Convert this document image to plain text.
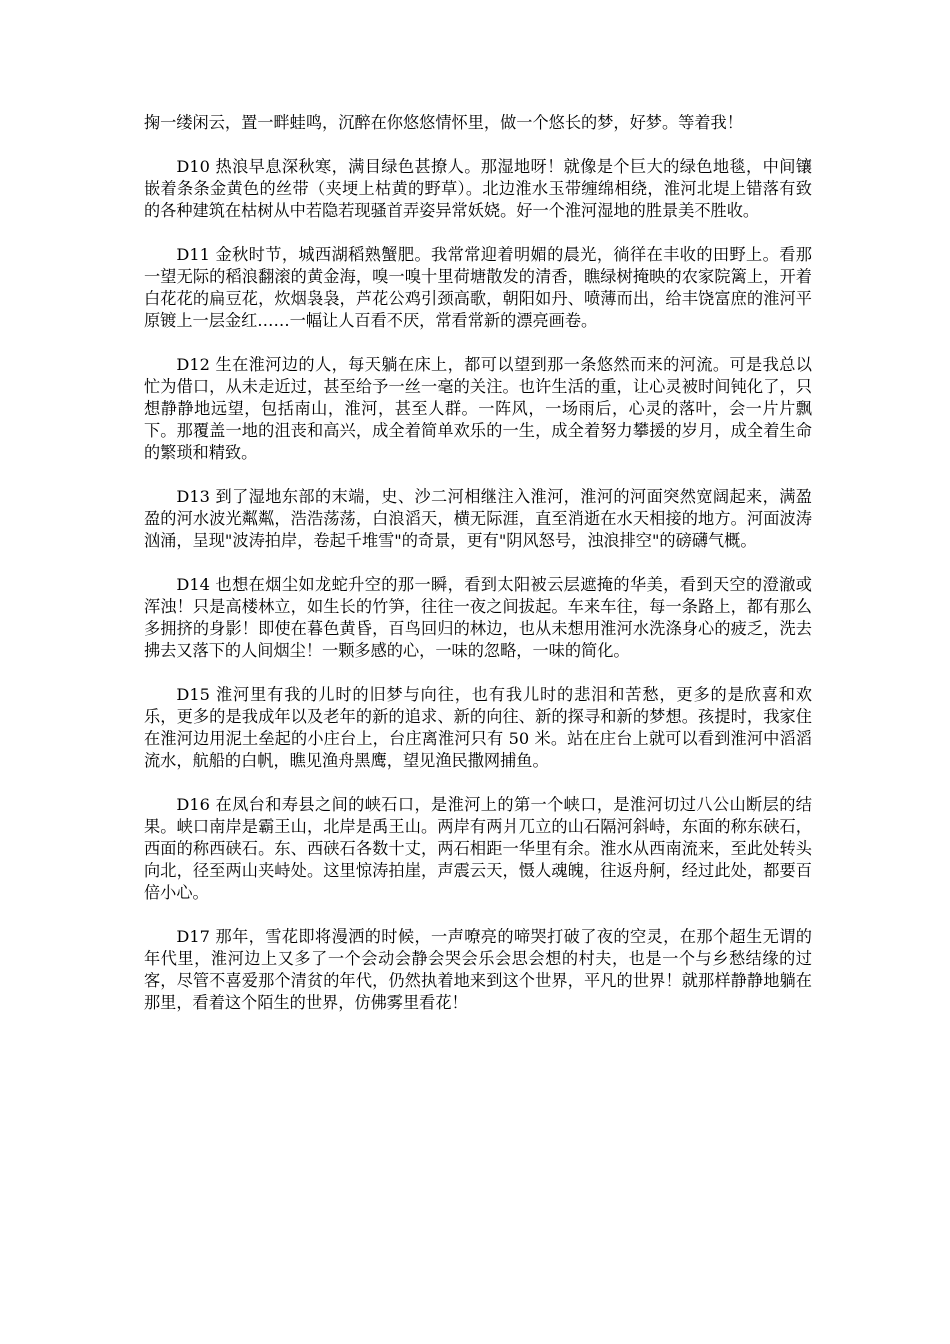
掬一缕闲云，置一畔蛙鸣，沉醉在你悠悠情怀里，做一个悠长的梦，好梦。等着我！

D10 热浪早息深秋寒，满目绿色甚撩人。那湿地呀！就像是个巨大的绿色地毯，中间镶嵌着条条金黄色的丝带（夹埂上枯黄的野草）。北边淮水玉带缠绵相绕，淮河北堤上错落有致的各种建筑在枯树从中若隐若现骚首弄姿异常妖娆。好一个淮河湿地的胜景美不胜收。

D11 金秋时节，城西湖稻熟蟹肥。我常常迎着明媚的晨光，徜徉在丰收的田野上。看那一望无际的稻浪翻滚的黄金海，嗅一嗅十里荷塘散发的清香，瞧绿树掩映的农家院篱上，开着白花花的扁豆花，炊烟袅袅，芦花公鸡引颈高歌，朝阳如丹、喷薄而出，给丰饶富庶的淮河平原镀上一层金红……一幅让人百看不厌，常看常新的漂亮画卷。

D12 生在淮河边的人，每天躺在床上，都可以望到那一条悠然而来的河流。可是我总以忙为借口，从未走近过，甚至给予一丝一毫的关注。也许生活的重，让心灵被时间钝化了，只想静静地远望，包括南山，淮河，甚至人群。一阵风，一场雨后，心灵的落叶，会一片片飘下。那覆盖一地的沮丧和高兴，成全着简单欢乐的一生，成全着努力攀援的岁月，成全着生命的繁琐和精致。

D13 到了湿地东部的末端，史、沙二河相继注入淮河，淮河的河面突然宽阔起来，满盈盈的河水波光粼粼，浩浩荡荡，白浪滔天，横无际涯，直至消逝在水天相接的地方。河面波涛汹涌，呈现"波涛拍岸，卷起千堆雪"的奇景，更有"阴风怒号，浊浪排空"的磅礴气概。

D14 也想在烟尘如龙蛇升空的那一瞬，看到太阳被云层遮掩的华美，看到天空的澄澈或浑浊！只是高楼林立，如生长的竹笋，往往一夜之间拔起。车来车往，每一条路上，都有那么多拥挤的身影！即使在暮色黄昏，百鸟回归的林边，也从未想用淮河水洗涤身心的疲乏，洗去拂去又落下的人间烟尘！一颗多感的心，一味的忽略，一味的简化。

D15 淮河里有我的儿时的旧梦与向往，也有我儿时的悲泪和苦愁，更多的是欣喜和欢乐，更多的是我成年以及老年的新的追求、新的向往、新的探寻和新的梦想。孩提时，我家住在淮河边用泥土垒起的小庄台上，台庄离淮河只有 50 米。站在庄台上就可以看到淮河中滔滔流水，航船的白帆，瞧见渔舟黑鹰，望见渔民撒网捕鱼。

D16 在凤台和寿县之间的峡石口，是淮河上的第一个峡口，是淮河切过八公山断层的结果。峡口南岸是霸王山，北岸是禹王山。两岸有两爿兀立的山石隔河斜峙，东面的称东硖石，西面的称西硖石。东、西硖石各数十丈，两石相距一华里有余。淮水从西南流来，至此处转头向北，径至两山夹峙处。这里惊涛拍崖，声震云天，慑人魂魄，往返舟舸，经过此处，都要百倍小心。

D17 那年，雪花即将漫洒的时候，一声嘹亮的啼哭打破了夜的空灵，在那个超生无谓的年代里，淮河边上又多了一个会动会静会哭会乐会思会想的村夫，也是一个与乡愁结缘的过客，尽管不喜爱那个清贫的年代，仍然执着地来到这个世界，平凡的世界！就那样静静地躺在那里，看着这个陌生的世界，仿佛雾里看花！
